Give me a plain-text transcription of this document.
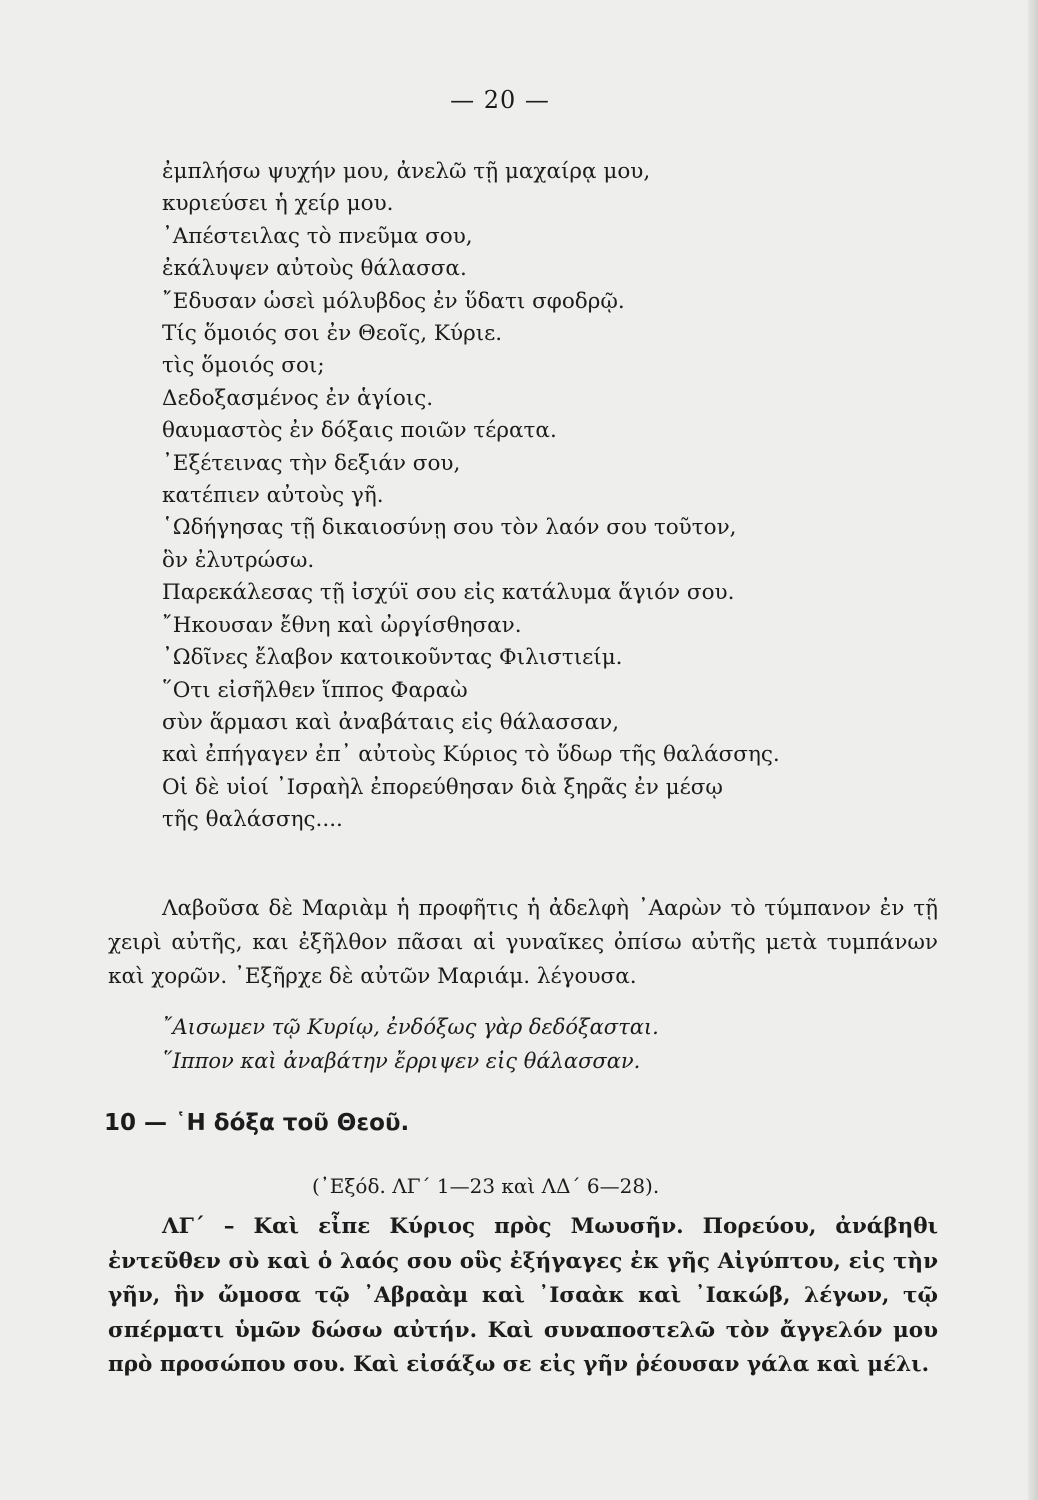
— 20 —
ἐμπλήσω ψυχήν μου, ἀνελῶ τῇ μαχαίρᾳ μου,
κυριεύσει ἡ χείρ μου.
᾿Απέστειλας τὸ πνεῦμα σου,
ἐκάλυψεν αὐτοὺς θάλασσα.
῎Εδυσαν ὡσεὶ μόλυβδος ἐν ὕδατι σφοδρῷ.
Τίς ὅμοιός σοι ἐν Θεοῖς, Κύριε.
τὶς ὅμοιός σοι;
Δεδοξασμένος ἐν ἁγίοις.
θαυμαστὸς ἐν δόξαις ποιῶν τέρατα.
᾿Εξέτεινας τὴν δεξιάν σου,
κατέπιεν αὐτοὺς γῆ.
῾Ωδήγησας τῇ δικαιοσύνῃ σου τὸν λαόν σου τοῦτον,
ὃν ἐλυτρώσω.
Παρεκάλεσας τῇ ἰσχύϊ σου εἰς κατάλυμα ἅγιόν σου.
῎Ηκουσαν ἔθνη καὶ ὠργίσθησαν.
᾿Ωδῖνες ἔλαβον κατοικοῦντας Φιλιστιείμ.
῞Οτι εἰσῆλθεν ἵππος Φαραὼ
σὺν ἅρμασι καὶ ἀναβάταις εἰς θάλασσαν,
καὶ ἐπήγαγεν ἐπ᾿ αὐτοὺς Κύριος τὸ ὕδωρ τῆς θαλάσσης.
Οἱ δὲ υἱοί ᾿Ισραὴλ ἐπορεύθησαν διὰ ξηρᾶς ἐν μέσῳ
τῆς θαλάσσης....
Λαβοῦσα δὲ Μαριὰμ ἡ προφῆτις ἡ ἀδελφὴ ᾿Ααρὼν τὸ τύμπανον ἐν τῇ χειρὶ αὐτῆς, και ἐξῆλθον πᾶσαι αἱ γυναῖκες ὀπίσω αὐτῆς μετὰ τυμπάνων καὶ χορῶν. ᾿Εξῆρχε δὲ αὐτῶν Μαριάμ. λέγουσα.
῎Αισωμεν τῷ Κυρίῳ, ἐνδόξως γὰρ δεδόξασται.
῞Ιππον καὶ ἀναβάτην ἔρριψεν εἰς θάλασσαν.
10 — ῾Η δόξα τοῦ Θεοῦ.
(᾿Εξόδ. ΛΓ΄ 1—23 καὶ ΛΔ΄ 6—28).
ΛΓ΄ – Καὶ εἶπε Κύριος πρὸς Μωυσῆν. Πορεύου, ἀνάβηθι ἐντεῦθεν σὺ καὶ ὁ λαός σου οὓς ἐξήγαγες ἐκ γῆς Αἰγύπτου, εἰς τὴν γῆν, ἣν ὤμοσα τῷ ᾿Αβραὰμ καὶ ᾿Ισαὰκ καὶ ᾿Ιακώβ, λέγων, τῷ σπέρματι ὑμῶν δώσω αὐτήν. Καὶ συναποστελῶ τὸν ἄγγελόν μου πρὸ προσώπου σου. Καὶ εἰσάξω σε εἰς γῆν ῥέουσαν γάλα καὶ μέλι.
